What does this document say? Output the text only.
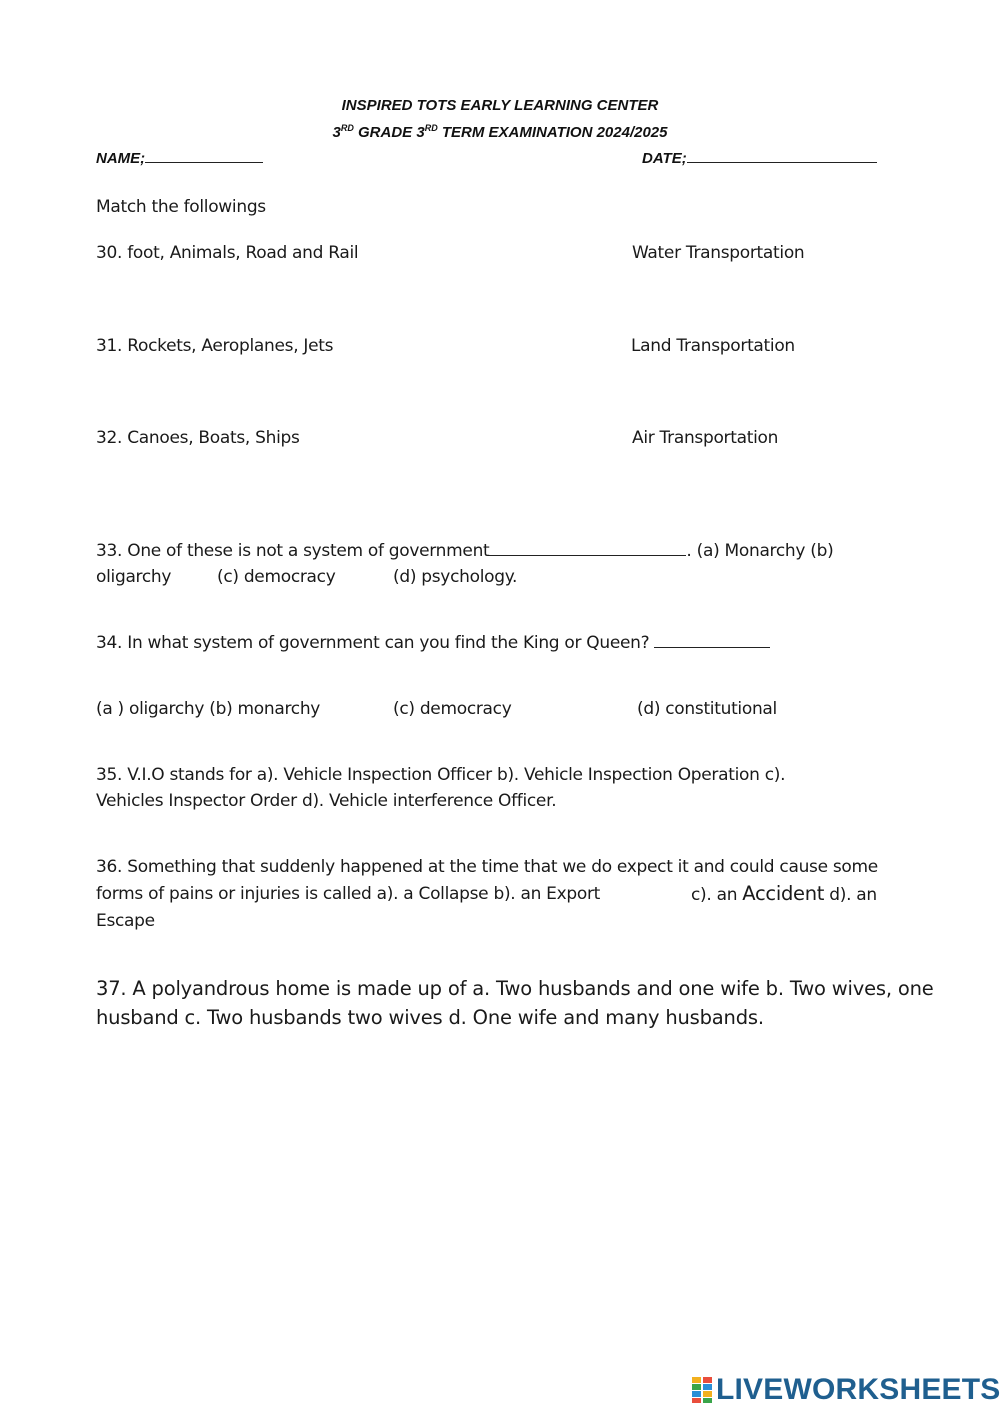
INSPIRED TOTS EARLY LEARNING CENTER
3RD GRADE 3RD TERM EXAMINATION 2024/2025
NAME;	DATE;
Match the followings
30. foot, Animals, Road and Rail	Water Transportation
31. Rockets, Aeroplanes, Jets	Land Transportation
32. Canoes, Boats, Ships	Air Transportation
33. One of these is not a system of government	. (a) Monarchy (b)
oligarchy	(c) democracy	(d) psychology.
34. In what system of government can you find the King or Queen?
(a ) oligarchy (b) monarchy	(c) democracy	(d) constitutional
35. V.I.O stands for a). Vehicle Inspection Officer b). Vehicle Inspection Operation c).
Vehicles Inspector Order d). Vehicle interference Officer.
36. Something that suddenly happened at the time that we do expect it and could cause some
forms of pains or injuries is called a). a Collapse b). an Export	c). an Accident d). an
Escape
37. A polyandrous home is made up of a. Two husbands and one wife b. Two wives, one
husband c. Two husbands two wives d. One wife and many husbands.
LIVEWORKSHEETS
